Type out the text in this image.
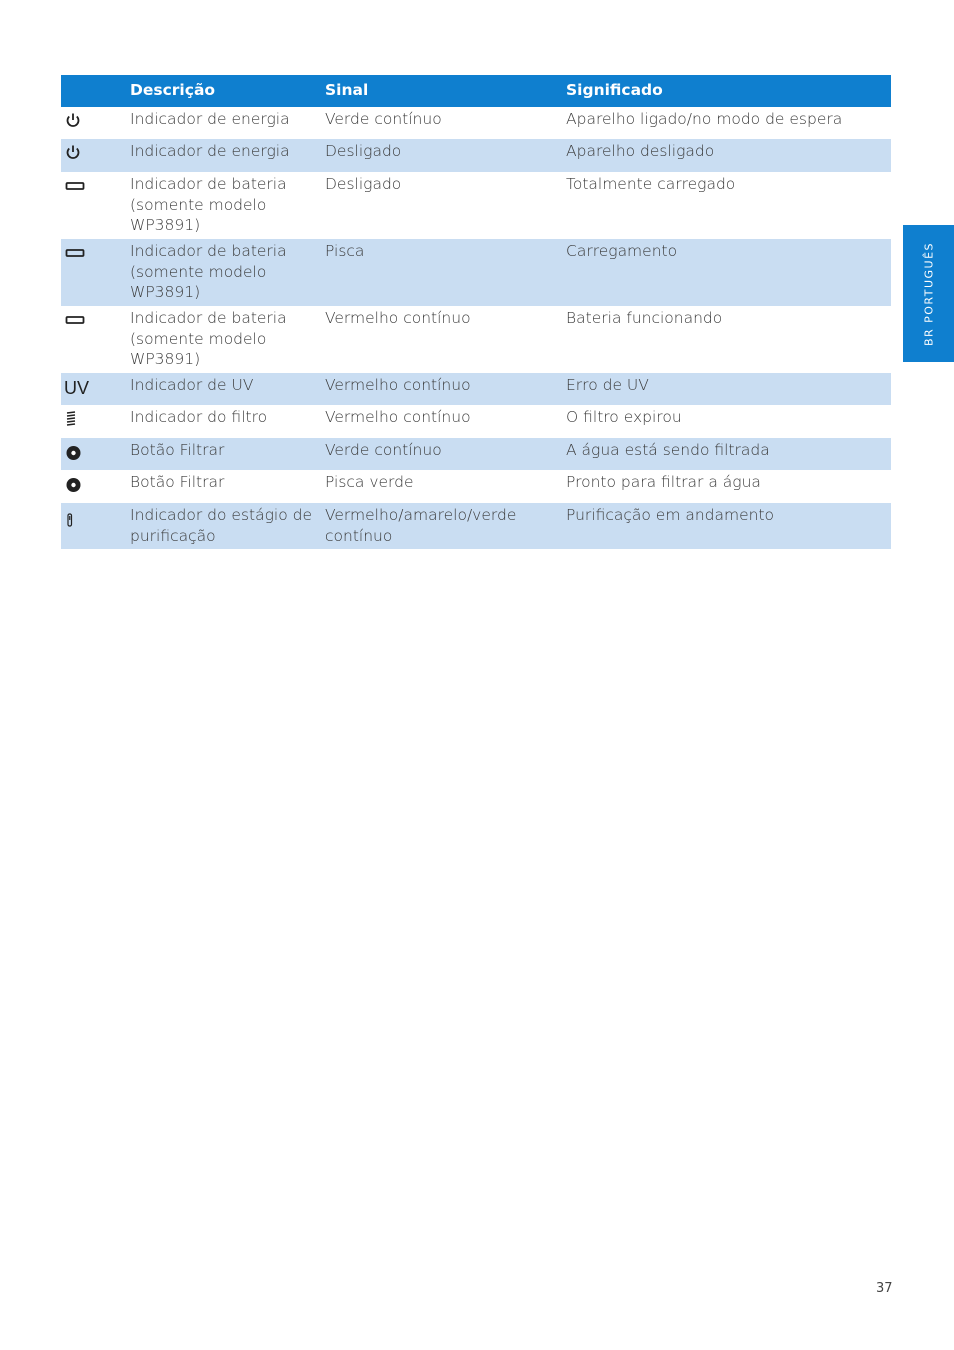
	Descrição	Sinal	Significado

	Indicador de energia	Verde contínuo	Aparelho ligado/no modo de espera

	Indicador de energia	Desligado	Aparelho desligado

	Indicador de bateria (somente modelo WP3891)	Desligado	Totalmente carregado

	Indicador de bateria (somente modelo WP3891)	Pisca	Carregamento

	Indicador de bateria (somente modelo WP3891)	Vermelho contínuo	Bateria funcionando

UV	Indicador de UV	Vermelho contínuo	Erro de UV

	Indicador do filtro	Vermelho contínuo	O filtro expirou

	Botão Filtrar	Verde contínuo	A água está sendo filtrada

	Botão Filtrar	Pisca verde	Pronto para filtrar a água

	Indicador do estágio de purificação	Vermelho/amarelo/verde contínuo	Purificação em andamento
BR PORTUGUÊS
37
